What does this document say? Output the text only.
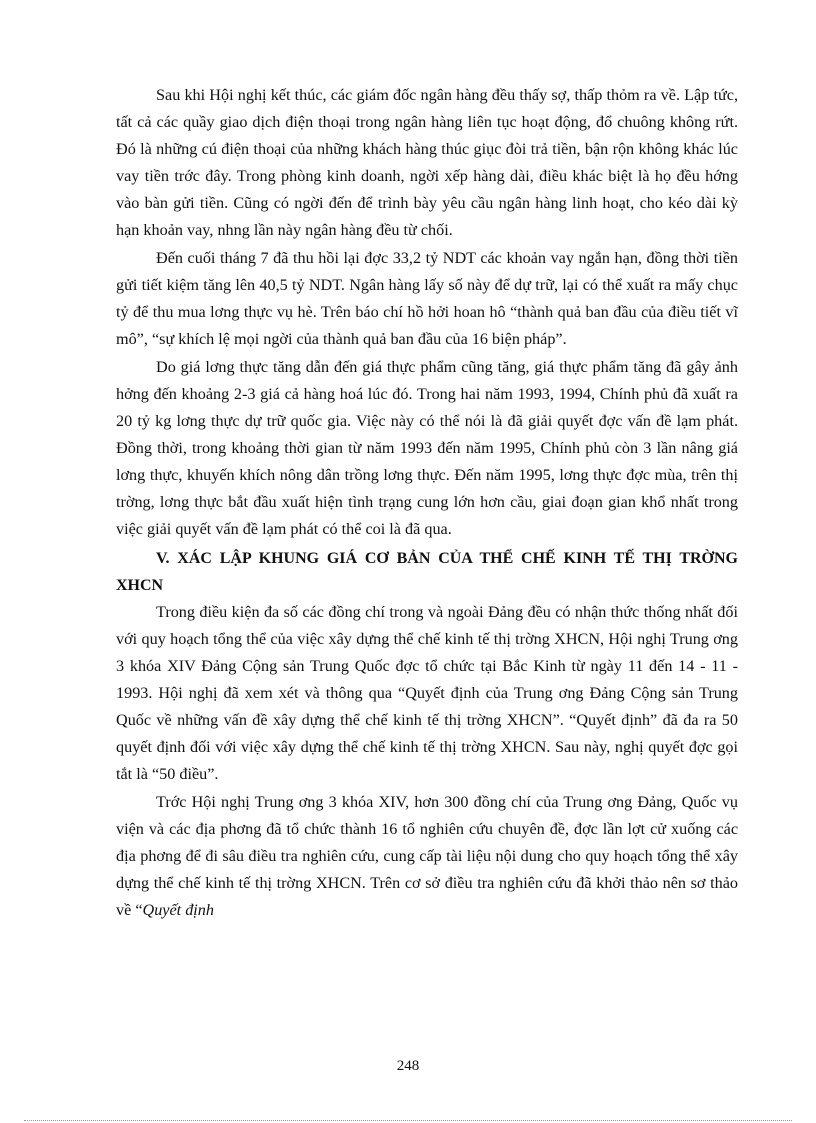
Sau khi Hội nghị kết thúc, các giám đốc ngân hàng đều thấy sợ, thấp thỏm ra về. Lập tức, tất cả các quầy giao dịch điện thoại trong ngân hàng liên tục hoạt động, đổ chuông không rứt. Đó là những cú điện thoại của những khách hàng thúc giục đòi trả tiền, bận rộn không khác lúc vay tiền trớc đây. Trong phòng kinh doanh, ngời xếp hàng dài, điều khác biệt là họ đều hớng vào bàn gửi tiền. Cũng có ngời đến để trình bày yêu cầu ngân hàng linh hoạt, cho kéo dài kỳ hạn khoản vay, nhng lần này ngân hàng đều từ chối.

Đến cuối tháng 7 đã thu hồi lại đợc 33,2 tỷ NDT các khoản vay ngắn hạn, đồng thời tiền gửi tiết kiệm tăng lên 40,5 tỷ NDT. Ngân hàng lấy số này để dự trữ, lại có thể xuất ra mấy chục tỷ để thu mua lơng thực vụ hè. Trên báo chí hồ hởi hoan hô “thành quả ban đầu của điều tiết vĩ mô”, “sự khích lệ mọi ngời của thành quả ban đầu của 16 biện pháp”.

Do giá lơng thực tăng dẫn đến giá thực phẩm cũng tăng, giá thực phẩm tăng đã gây ảnh hởng đến khoảng 2-3 giá cả hàng hoá lúc đó. Trong hai năm 1993, 1994, Chính phủ đã xuất ra 20 tỷ kg lơng thực dự trữ quốc gia. Việc này có thể nói là đã giải quyết đợc vấn đề lạm phát. Đồng thời, trong khoảng thời gian từ năm 1993 đến năm 1995, Chính phủ còn 3 lần nâng giá lơng thực, khuyến khích nông dân trồng lơng thực. Đến năm 1995, lơng thực đợc mùa, trên thị trờng, lơng thực bắt đầu xuất hiện tình trạng cung lớn hơn cầu, giai đoạn gian khổ nhất trong việc giải quyết vấn đề lạm phát có thể coi là đã qua.

V. XÁC LẬP KHUNG GIÁ CƠ BẢN CỦA THỂ CHẾ KINH TẾ THỊ TRỜNG XHCN

Trong điều kiện đa số các đồng chí trong và ngoài Đảng đều có nhận thức thống nhất đối với quy hoạch tổng thể của việc xây dựng thể chế kinh tế thị trờng XHCN, Hội nghị Trung ơng 3 khóa XIV Đảng Cộng sản Trung Quốc đợc tổ chức tại Bắc Kinh từ ngày 11 đến 14 - 11 - 1993. Hội nghị đã xem xét và thông qua “Quyết định của Trung ơng Đảng Cộng sản Trung Quốc về những vấn đề xây dựng thể chế kinh tế thị trờng XHCN”. “Quyết định” đã đa ra 50 quyết định đối với việc xây dựng thể chế kinh tế thị trờng XHCN. Sau này, nghị quyết đợc gọi tắt là “50 điều”.

Trớc Hội nghị Trung ơng 3 khóa XIV, hơn 300 đồng chí của Trung ơng Đảng, Quốc vụ viện và các địa phơng đã tổ chức thành 16 tổ nghiên cứu chuyên đề, đợc lần lợt cử xuống các địa phơng để đi sâu điều tra nghiên cứu, cung cấp tài liệu nội dung cho quy hoạch tổng thể xây dựng thể chế kinh tế thị trờng XHCN. Trên cơ sở điều tra nghiên cứu đã khởi thảo nên sơ thảo về “Quyết định

248
